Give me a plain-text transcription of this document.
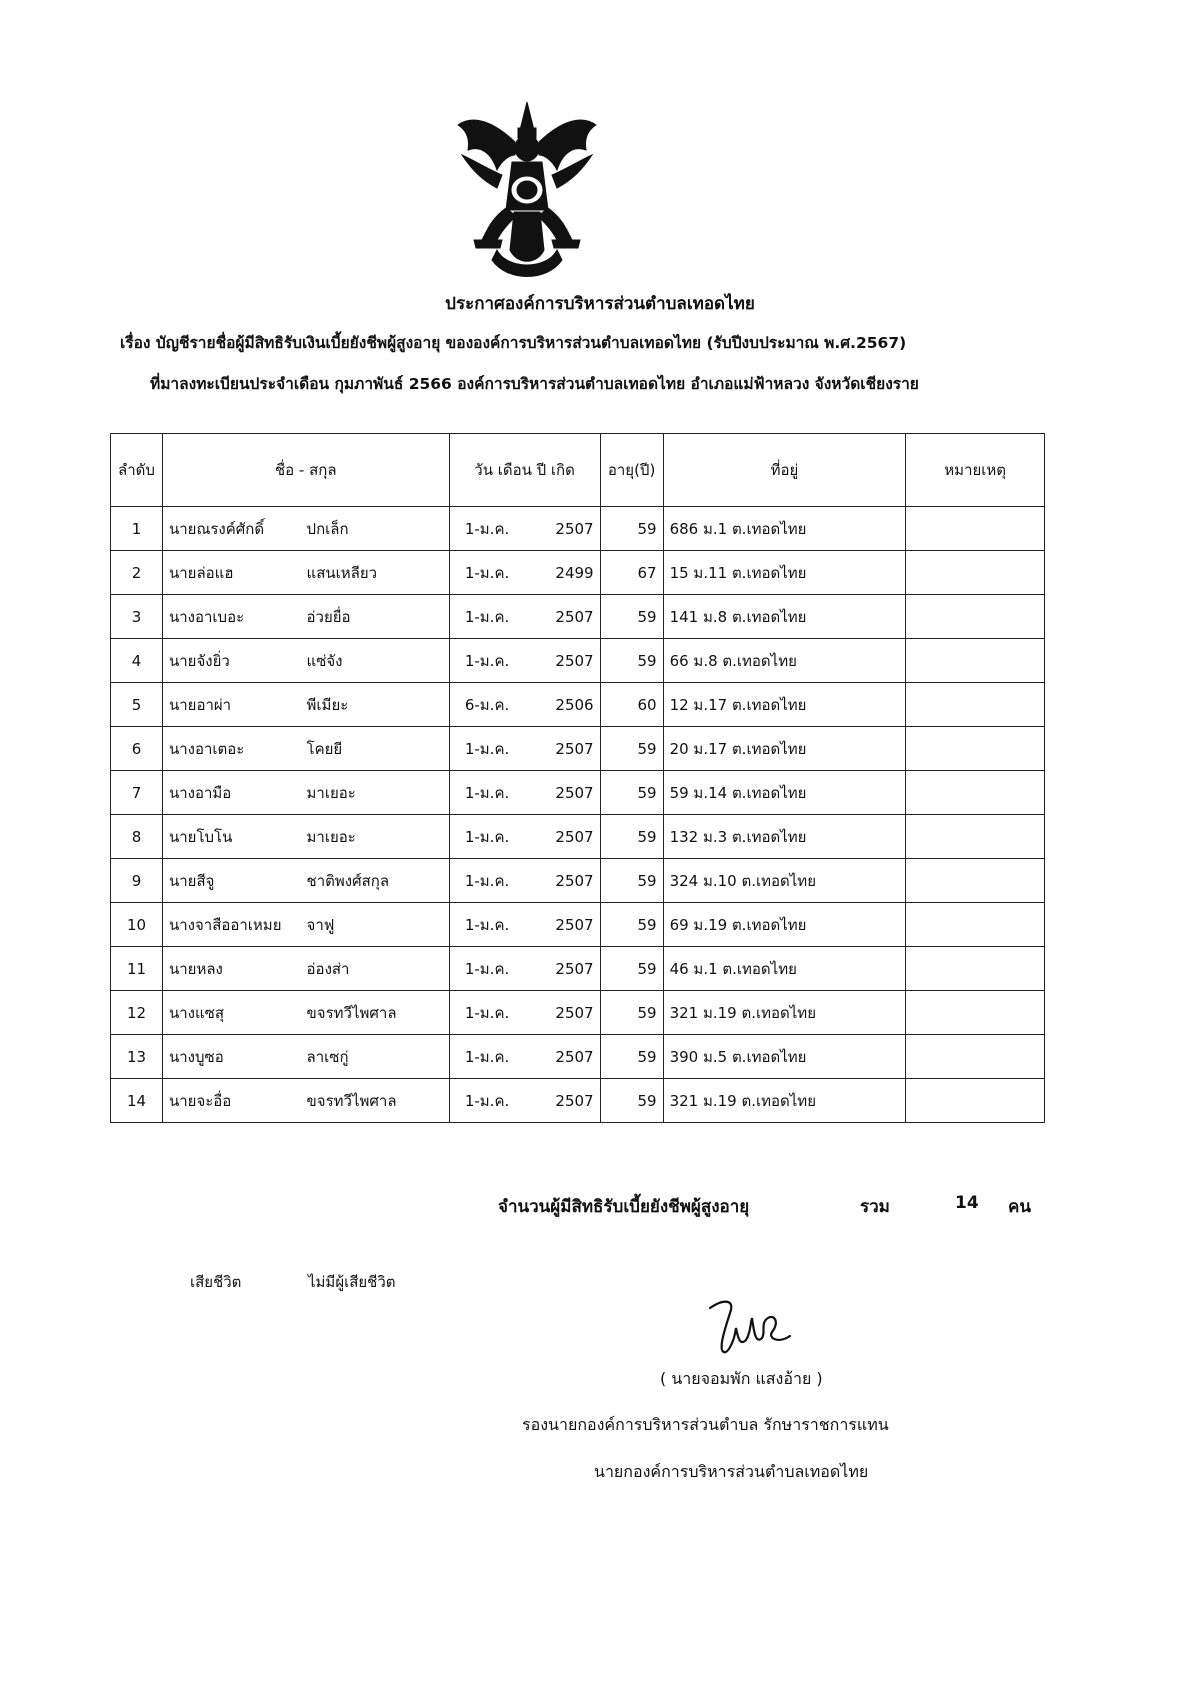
ประกาศองค์การบริหารส่วนตำบลเทอดไทย
เรื่อง บัญชีรายชื่อผู้มีสิทธิรับเงินเบี้ยยังชีพผู้สูงอายุ ขององค์การบริหารส่วนตำบลเทอดไทย (รับปีงบประมาณ พ.ศ.2567)
ที่มาลงทะเบียนประจำเดือน กุมภาพันธ์ 2566 องค์การบริหารส่วนตำบลเทอดไทย อำเภอแม่ฟ้าหลวง จังหวัดเชียงราย
ลำดับ	ชื่อ - สกุล		วัน เดือน ปี เกิด		อายุ(ปี)	ที่อยู่	หมายเหตุ
1	นายณรงค์ศักดิ์	ปกเล็ก	1-ม.ค.	2507	59	686 ม.1 ต.เทอดไทย	
2	นายล่อแฮ	แสนเหลียว	1-ม.ค.	2499	67	15 ม.11 ต.เทอดไทย	
3	นางอาเบอะ	อ่วยยื่อ	1-ม.ค.	2507	59	141 ม.8 ต.เทอดไทย	
4	นายจังยิ่ว	แซ่จัง	1-ม.ค.	2507	59	66 ม.8 ต.เทอดไทย	
5	นายอาผ่า	พีเมียะ	6-ม.ค.	2506	60	12 ม.17 ต.เทอดไทย	
6	นางอาเตอะ	โคยยี	1-ม.ค.	2507	59	20 ม.17 ต.เทอดไทย	
7	นางอามือ	มาเยอะ	1-ม.ค.	2507	59	59 ม.14 ต.เทอดไทย	
8	นายโบโน	มาเยอะ	1-ม.ค.	2507	59	132 ม.3 ต.เทอดไทย	
9	นายสีจู	ชาติพงศ์สกุล	1-ม.ค.	2507	59	324 ม.10 ต.เทอดไทย	
10	นางจาสืออาเหมย	จาฟู	1-ม.ค.	2507	59	69 ม.19 ต.เทอดไทย	
11	นายหลง	อ่องส่า	1-ม.ค.	2507	59	46 ม.1 ต.เทอดไทย	
12	นางแซสุ	ขจรทวีไพศาล	1-ม.ค.	2507	59	321 ม.19 ต.เทอดไทย	
13	นางบูซอ	ลาเซกู่	1-ม.ค.	2507	59	390 ม.5 ต.เทอดไทย	
14	นายจะอื่อ	ขจรทวีไพศาล	1-ม.ค.	2507	59	321 ม.19 ต.เทอดไทย	
จำนวนผู้มีสิทธิรับเบี้ยยังชีพผู้สูงอายุ	รวม	14 คน
เสียชีวิต	ไม่มีผู้เสียชีวิต
( นายจอมพัก แสงอ้าย )
รองนายกองค์การบริหารส่วนตำบล รักษาราชการแทน
นายกองค์การบริหารส่วนตำบลเทอดไทย
